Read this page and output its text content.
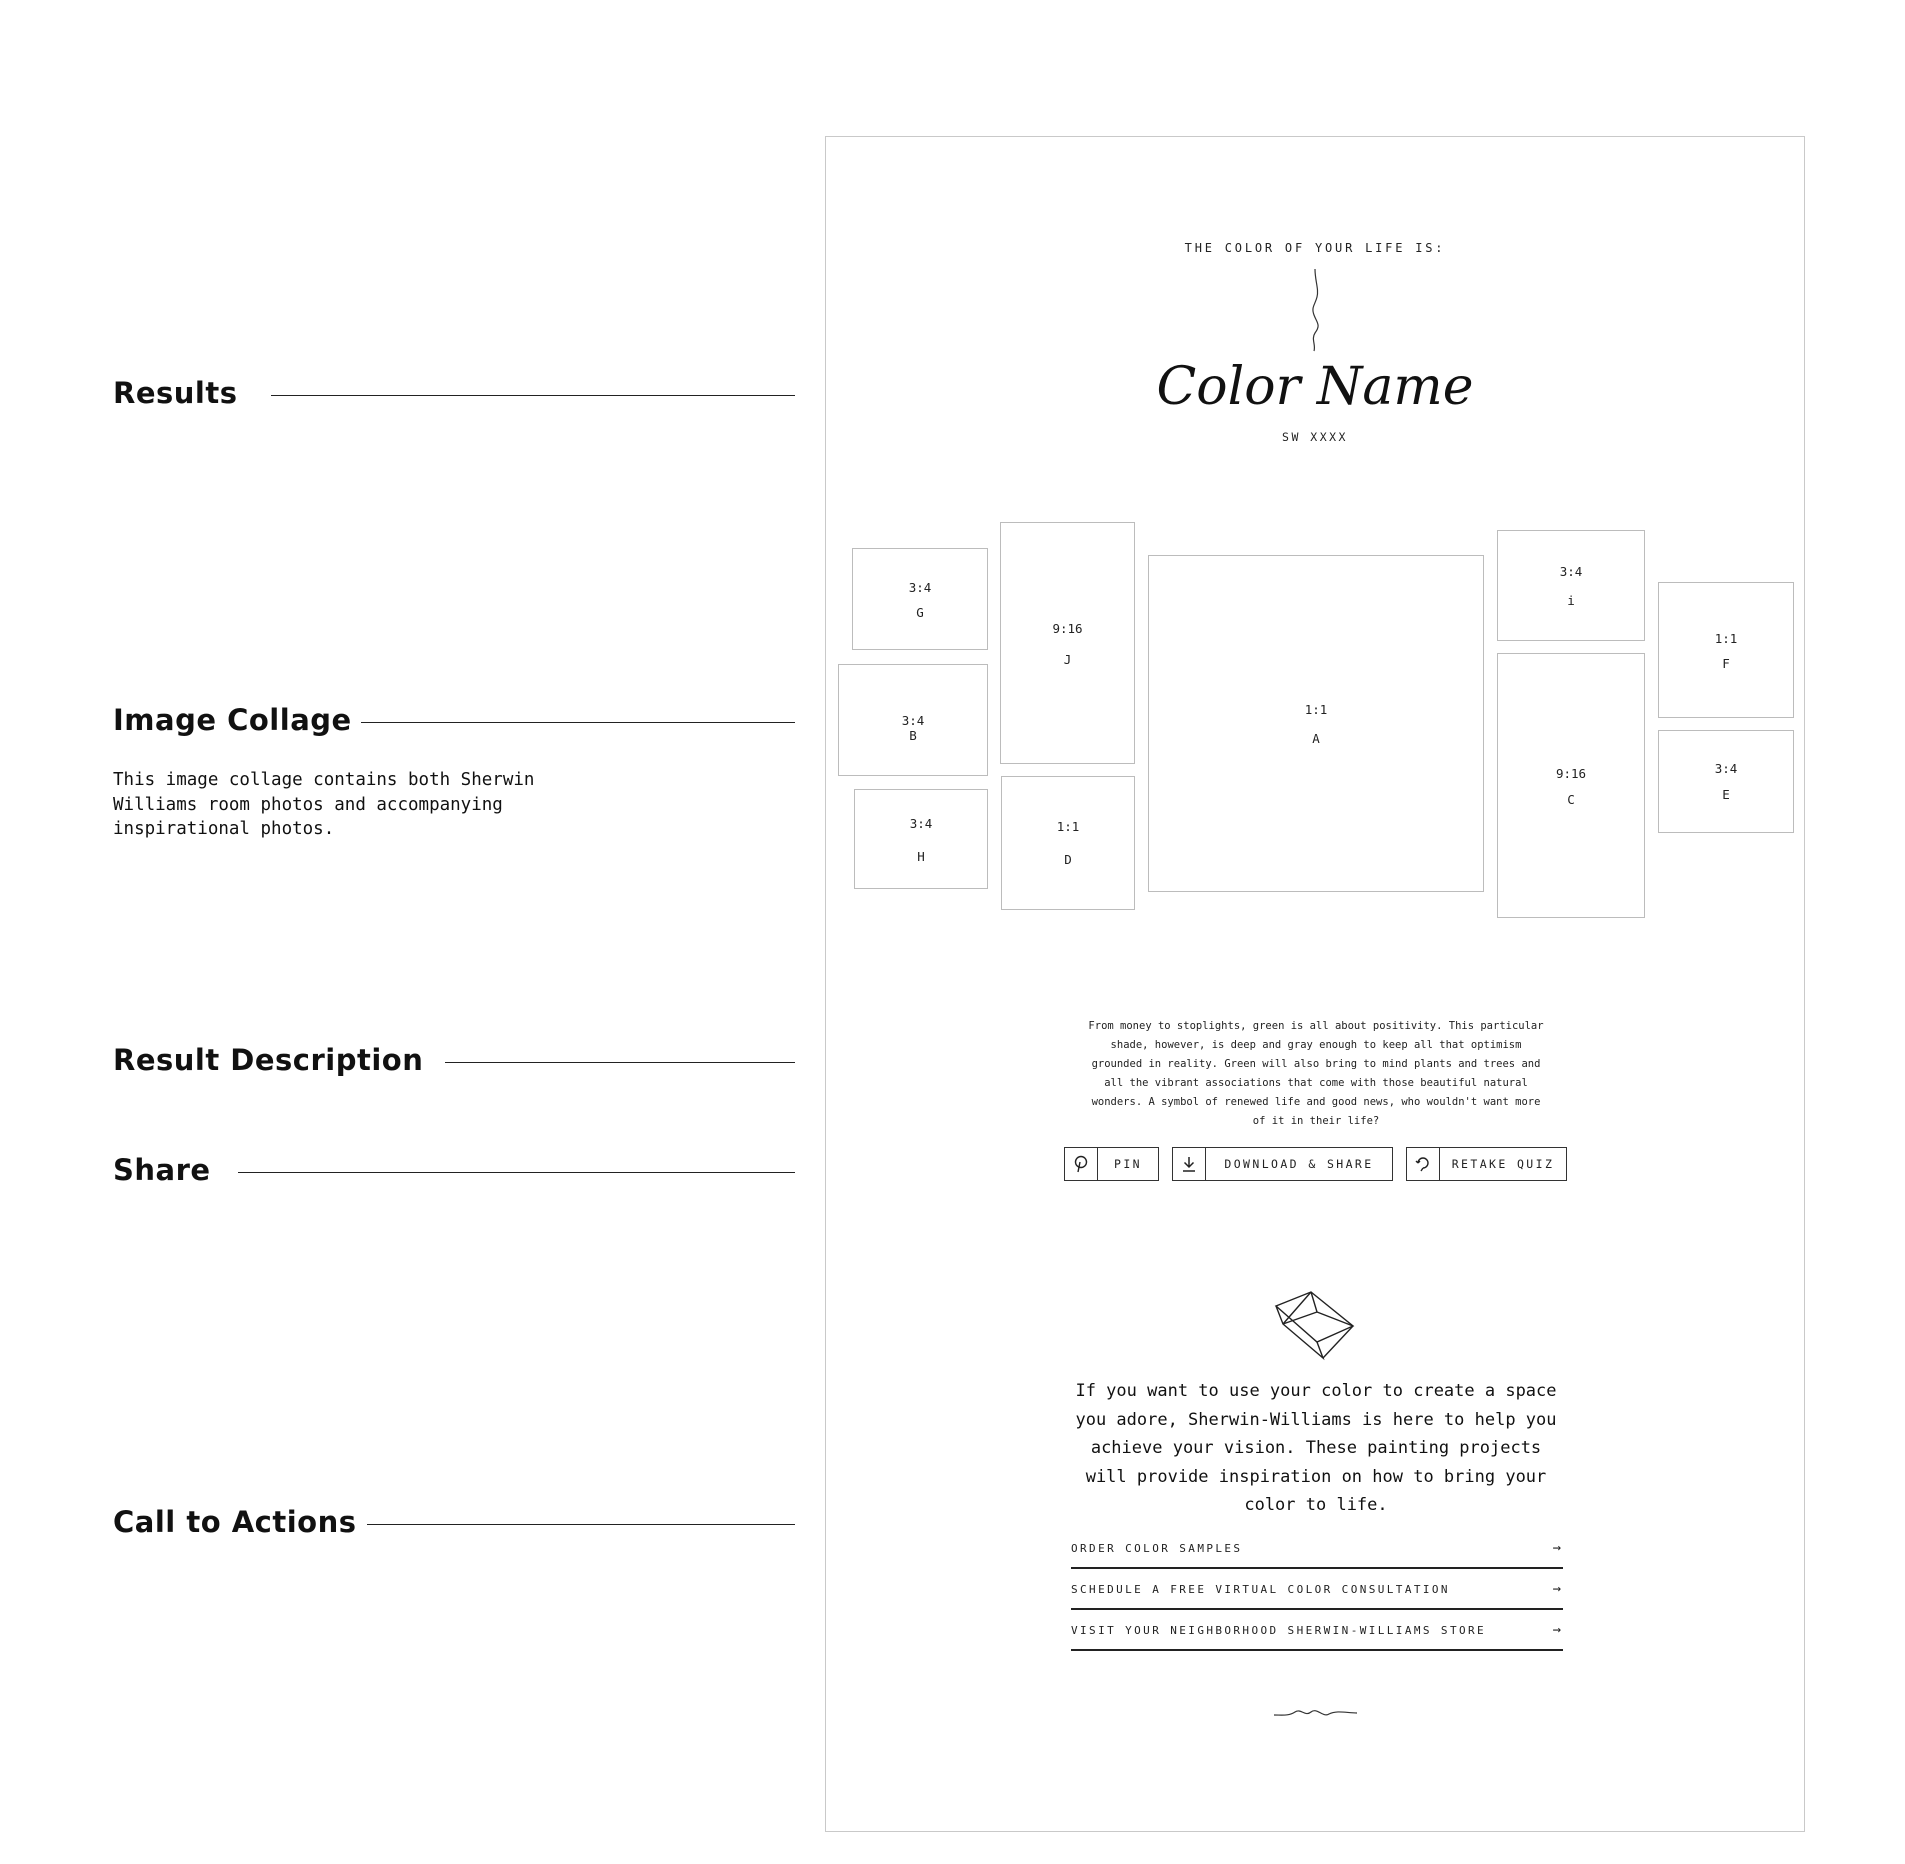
Results
Image Collage
This image collage contains both Sherwin Williams room photos and accompanying inspirational photos.
Result Description
Share
Call to Actions
THE COLOR OF YOUR LIFE IS:
Color Name
SW XXXX
3:4
G
3:4
B
3:4
H
9:16
J
1:1
D
1:1
A
3:4
i
9:16
C
1:1
F
3:4
E
From money to stoplights, green is all about positivity. This particular shade, however, is deep and gray enough to keep all that optimism grounded in reality. Green will also bring to mind plants and trees and all the vibrant associations that come with those beautiful natural wonders. A symbol of renewed life and good news, who wouldn't want more of it in their life?
PIN	DOWNLOAD & SHARE	RETAKE QUIZ
If you want to use your color to create a space you adore, Sherwin-Williams is here to help you achieve your vision. These painting projects will provide inspiration on how to bring your color to life.
ORDER COLOR SAMPLES	→
SCHEDULE A FREE VIRTUAL COLOR CONSULTATION	→
VISIT YOUR NEIGHBORHOOD SHERWIN-WILLIAMS STORE	→
